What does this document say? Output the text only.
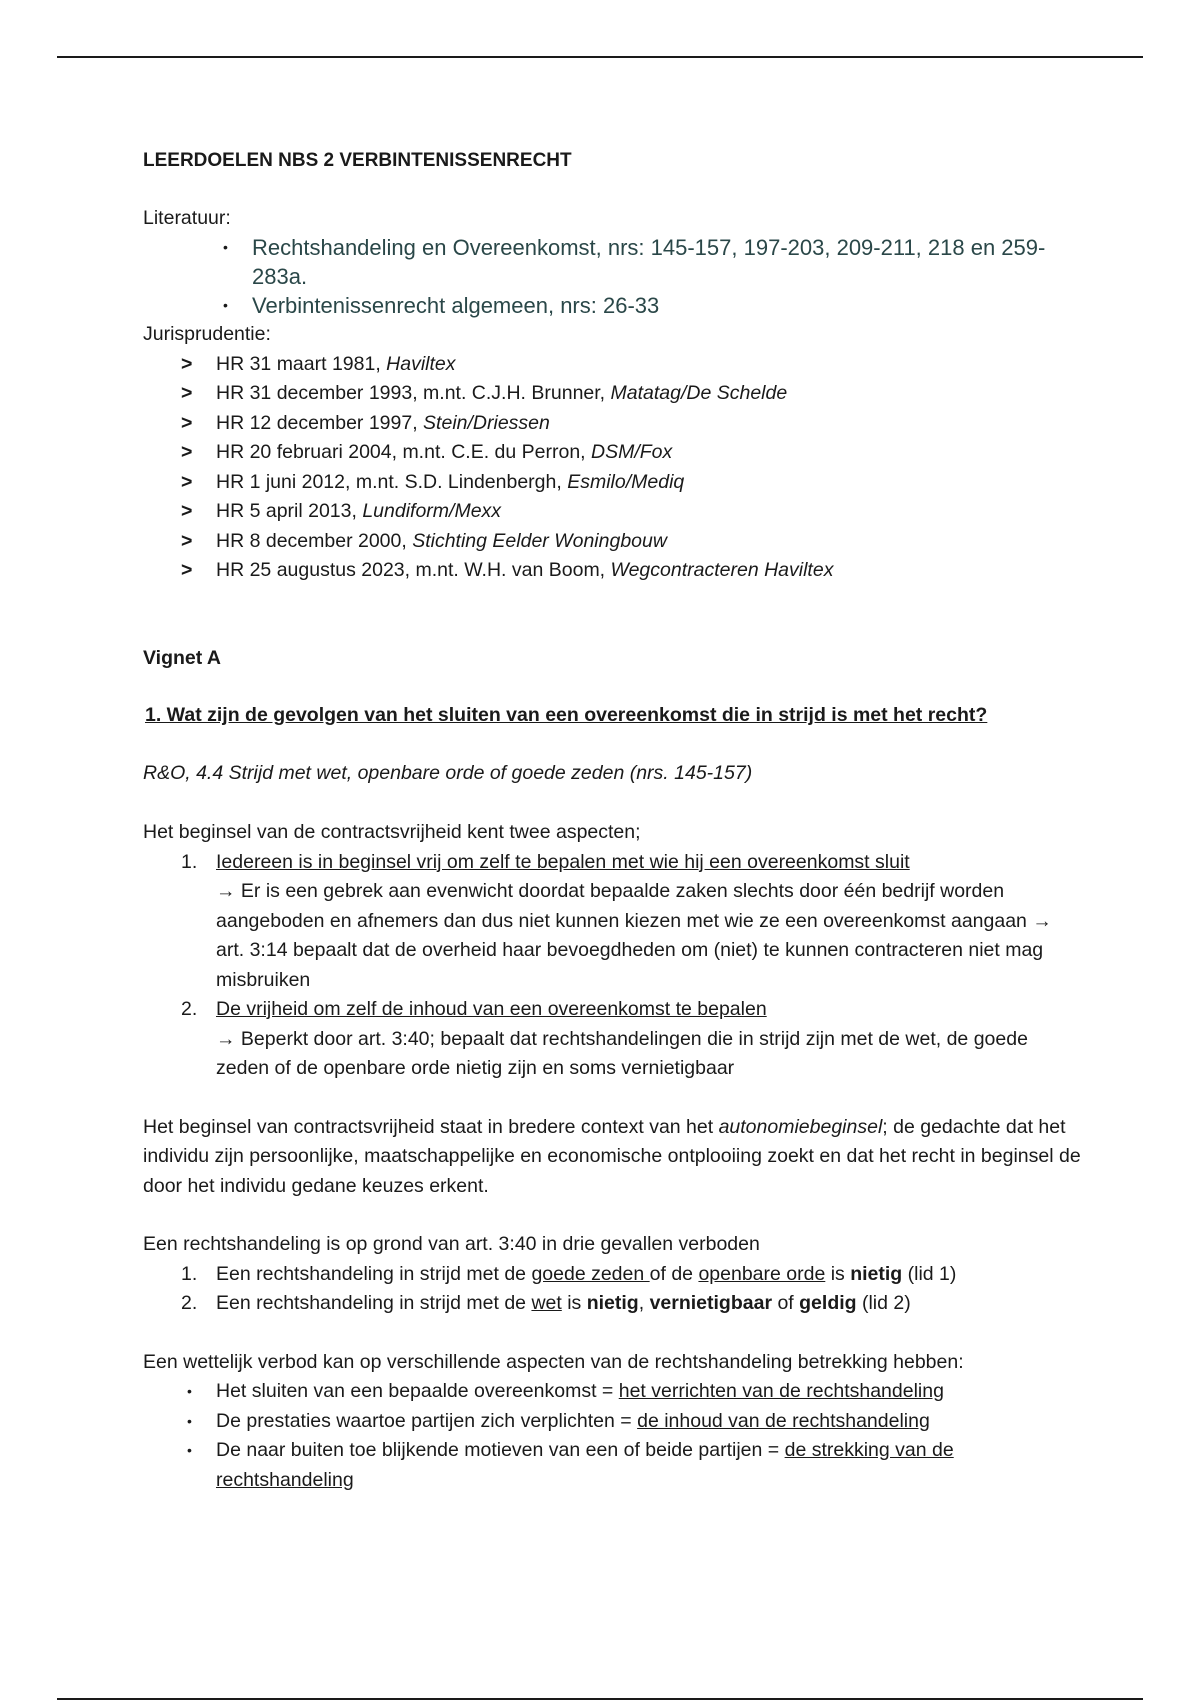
LEERDOELEN NBS 2 VERBINTENISSENRECHT

Literatuur:

• Rechtshandeling en Overeenkomst, nrs: 145-157, 197-203, 209-211, 218 en 259-283a.
• Verbintenissenrecht algemeen, nrs: 26-33

Jurisprudentie:

> HR 31 maart 1981, Haviltex
> HR 31 december 1993, m.nt. C.J.H. Brunner, Matatag/De Schelde
> HR 12 december 1997, Stein/Driessen
> HR 20 februari 2004, m.nt. C.E. du Perron, DSM/Fox
> HR 1 juni 2012, m.nt. S.D. Lindenbergh, Esmilo/Mediq
> HR 5 april 2013, Lundiform/Mexx
> HR 8 december 2000, Stichting Eelder Woningbouw
> HR 25 augustus 2023, m.nt. W.H. van Boom, Wegcontracteren Haviltex
Vignet A
1. Wat zijn de gevolgen van het sluiten van een overeenkomst die in strijd is met het recht?
R&O, 4.4 Strijd met wet, openbare orde of goede zeden (nrs. 145-157)

Het beginsel van de contractsvrijheid kent twee aspecten;

1. Iedereen is in beginsel vrij om zelf te bepalen met wie hij een overeenkomst sluit
→ Er is een gebrek aan evenwicht doordat bepaalde zaken slechts door één bedrijf worden aangeboden en afnemers dan dus niet kunnen kiezen met wie ze een overeenkomst aangaan → art. 3:14 bepaalt dat de overheid haar bevoegdheden om (niet) te kunnen contracteren niet mag misbruiken
2. De vrijheid om zelf de inhoud van een overeenkomst te bepalen
→ Beperkt door art. 3:40; bepaalt dat rechtshandelingen die in strijd zijn met de wet, de goede zeden of de openbare orde nietig zijn en soms vernietigbaar

Het beginsel van contractsvrijheid staat in bredere context van het autonomiebeginsel; de gedachte dat het individu zijn persoonlijke, maatschappelijke en economische ontplooiing zoekt en dat het recht in beginsel de door het individu gedane keuzes erkent.

Een rechtshandeling is op grond van art. 3:40 in drie gevallen verboden

1. Een rechtshandeling in strijd met de goede zeden of de openbare orde is nietig (lid 1)
2. Een rechtshandeling in strijd met de wet is nietig, vernietigbaar of geldig (lid 2)

Een wettelijk verbod kan op verschillende aspecten van de rechtshandeling betrekking hebben:

• Het sluiten van een bepaalde overeenkomst = het verrichten van de rechtshandeling
• De prestaties waartoe partijen zich verplichten = de inhoud van de rechtshandeling
• De naar buiten toe blijkende motieven van een of beide partijen = de strekking van de rechtshandeling
